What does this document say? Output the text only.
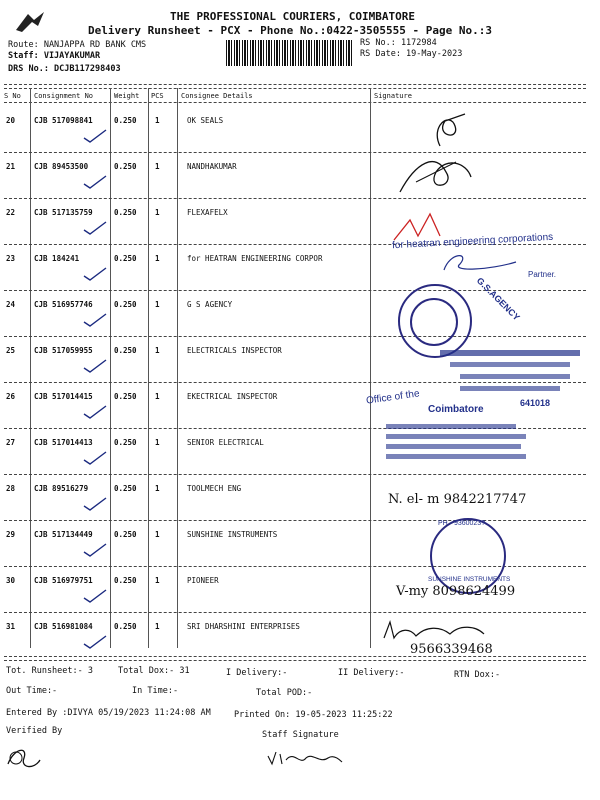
THE PROFESSIONAL COURIERS, COIMBATORE
Delivery Runsheet - PCX - Phone No.:0422-3505555 - Page No.:3
Route: NANJAPPA RD BANK CMS
Staff: VIJAYAKUMAR
DRS No.: DCJB117298403
RS No.: 1172984
RS Date: 19-May-2023
S No Consignment No	Weight PCS Consignee Details	Signature
20	CJB 517098841	0.250 1	OK SEALS
21	CJB 89453500	0.250 1	NANDHAKUMAR
22	CJB 517135759	0.250 1	FLEXAFELX
23	CJB 184241	0.250 1	for HEATRAN ENGINEERING CORPOR
24	CJB 516957746	0.250 1	G S AGENCY
25	CJB 517059955	0.250 1	ELECTRICALS INSPECTOR
26	CJB 517014415	0.250 1	EKECTRICAL INSPECTOR
27	CJB 517014413	0.250 1	SENIOR ELECTRICAL
28	CJB 89516279	0.250 1	TOOLMECH ENG
29	CJB 517134449	0.250 1	SUNSHINE INSTRUMENTS
30	CJB 516979751	0.250 1	PIONEER
31	CJB 516981084	0.250 1	SRI DHARSHINI ENTERPRISES
for heatran engineering corporations
Partner.
G.S.AGENCY
Office of the
Coimbatore
641018
N. el- m 9842217747
PH - 9360023?
SUNSHINE INSTRUMENTS
V-my 8098624499
9566339468
Tot. Runsheet:- 3	Total Dox:- 31	I Delivery:-	II Delivery:-	RTN Dox:-
Out Time:-	In Time:-	Total POD:-
Entered By :DIVYA 05/19/2023 11:24:08 AM	Printed On: 19-05-2023 11:25:22
Verified By	Staff Signature
